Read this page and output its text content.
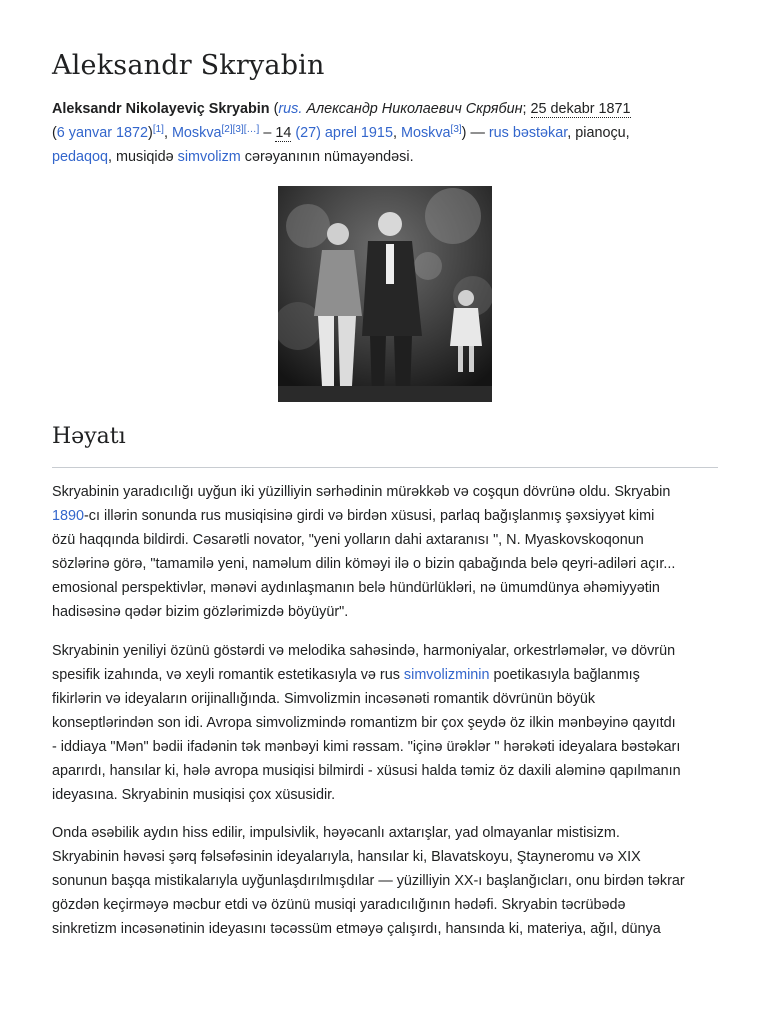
Aleksandr Skryabin

Aleksandr Nikolayeviç Skryabin (rus. Александр Николаевич Скрябин; 25 dekabr 1871
(6 yanvar 1872)[1], Moskva[2][3][…] – 14 (27) aprel 1915, Moskva[3]) — rus bəstəkar, pianoçu,
pedaqoq, musiqidə simvolizm cərəyanının nümayəndəsi.

Həyatı

Skryabinin yaradıcılığı uyğun iki yüzilliyin sərhədinin mürəkkəb və coşqun dövrünə oldu. Skryabin
1890-cı illərin sonunda rus musiqisinə girdi və birdən xüsusi, parlaq bağışlanmış şəxsiyyət kimi
özü haqqında bildirdi. Cəsarətli novator, "yeni yolların dahi axtaranısı ", N. Myaskovskoqonun
sözlərinə görə, "tamamilə yeni, naməlum dilin köməyi ilə o bizin qabağında belə qeyri-adiləri açır...
emosional perspektivlər, mənəvi aydınlaşmanın belə hündürlükləri, nə ümumdünya əhəmiyyətin
hadisəsinə qədər bizim gözlərimizdə böyüyür".

Skryabinin yeniliyi özünü göstərdi və melodika sahəsində, harmoniyalar, orkestrləmələr, və dövrün
spesifik izahında, və xeyli romantik estetikasıyla və rus simvolizminin poetikasıyla bağlanmış
fikirlərin və ideyaların orijinallığında. Simvolizmin incəsənəti romantik dövrünün böyük
konseptlərindən son idi. Avropa simvolizmində romantizm bir çox şeydə öz ilkin mənbəyinə qayıtdı
- iddiaya "Mən" bədii ifadənin tək mənbəyi kimi rəssam. "içinə ürəklər " hərəkəti ideyalara bəstəkarı
aparırdı, hansılar ki, hələ avropa musiqisi bilmirdi - xüsusi halda təmiz öz daxili aləminə qapılmanın
ideyasına. Skryabinin musiqisi çox xüsusidir.

Onda əsəbilik aydın hiss edilir, impulsivlik, həyəcanlı axtarışlar, yad olmayanlar mistisizm.
Skryabinin həvəsi şərq fəlsəfəsinin ideyalarıyla, hansılar ki, Blavatskoyu, Ştayneromu və XIX
sonunun başqa mistikalarıyla uyğunlaşdırılmışdılar — yüzilliyin XX-ı başlanğıcları, onu birdən təkrar
gözdən keçirməyə məcbur etdi və özünü musiqi yaradıcılığının hədəfi. Skryabin təcrübədə
sinkretizm incəsənətinin ideyasını təcəssüm etməyə çalışırdı, hansında ki, materiya, ağıl, dünya
